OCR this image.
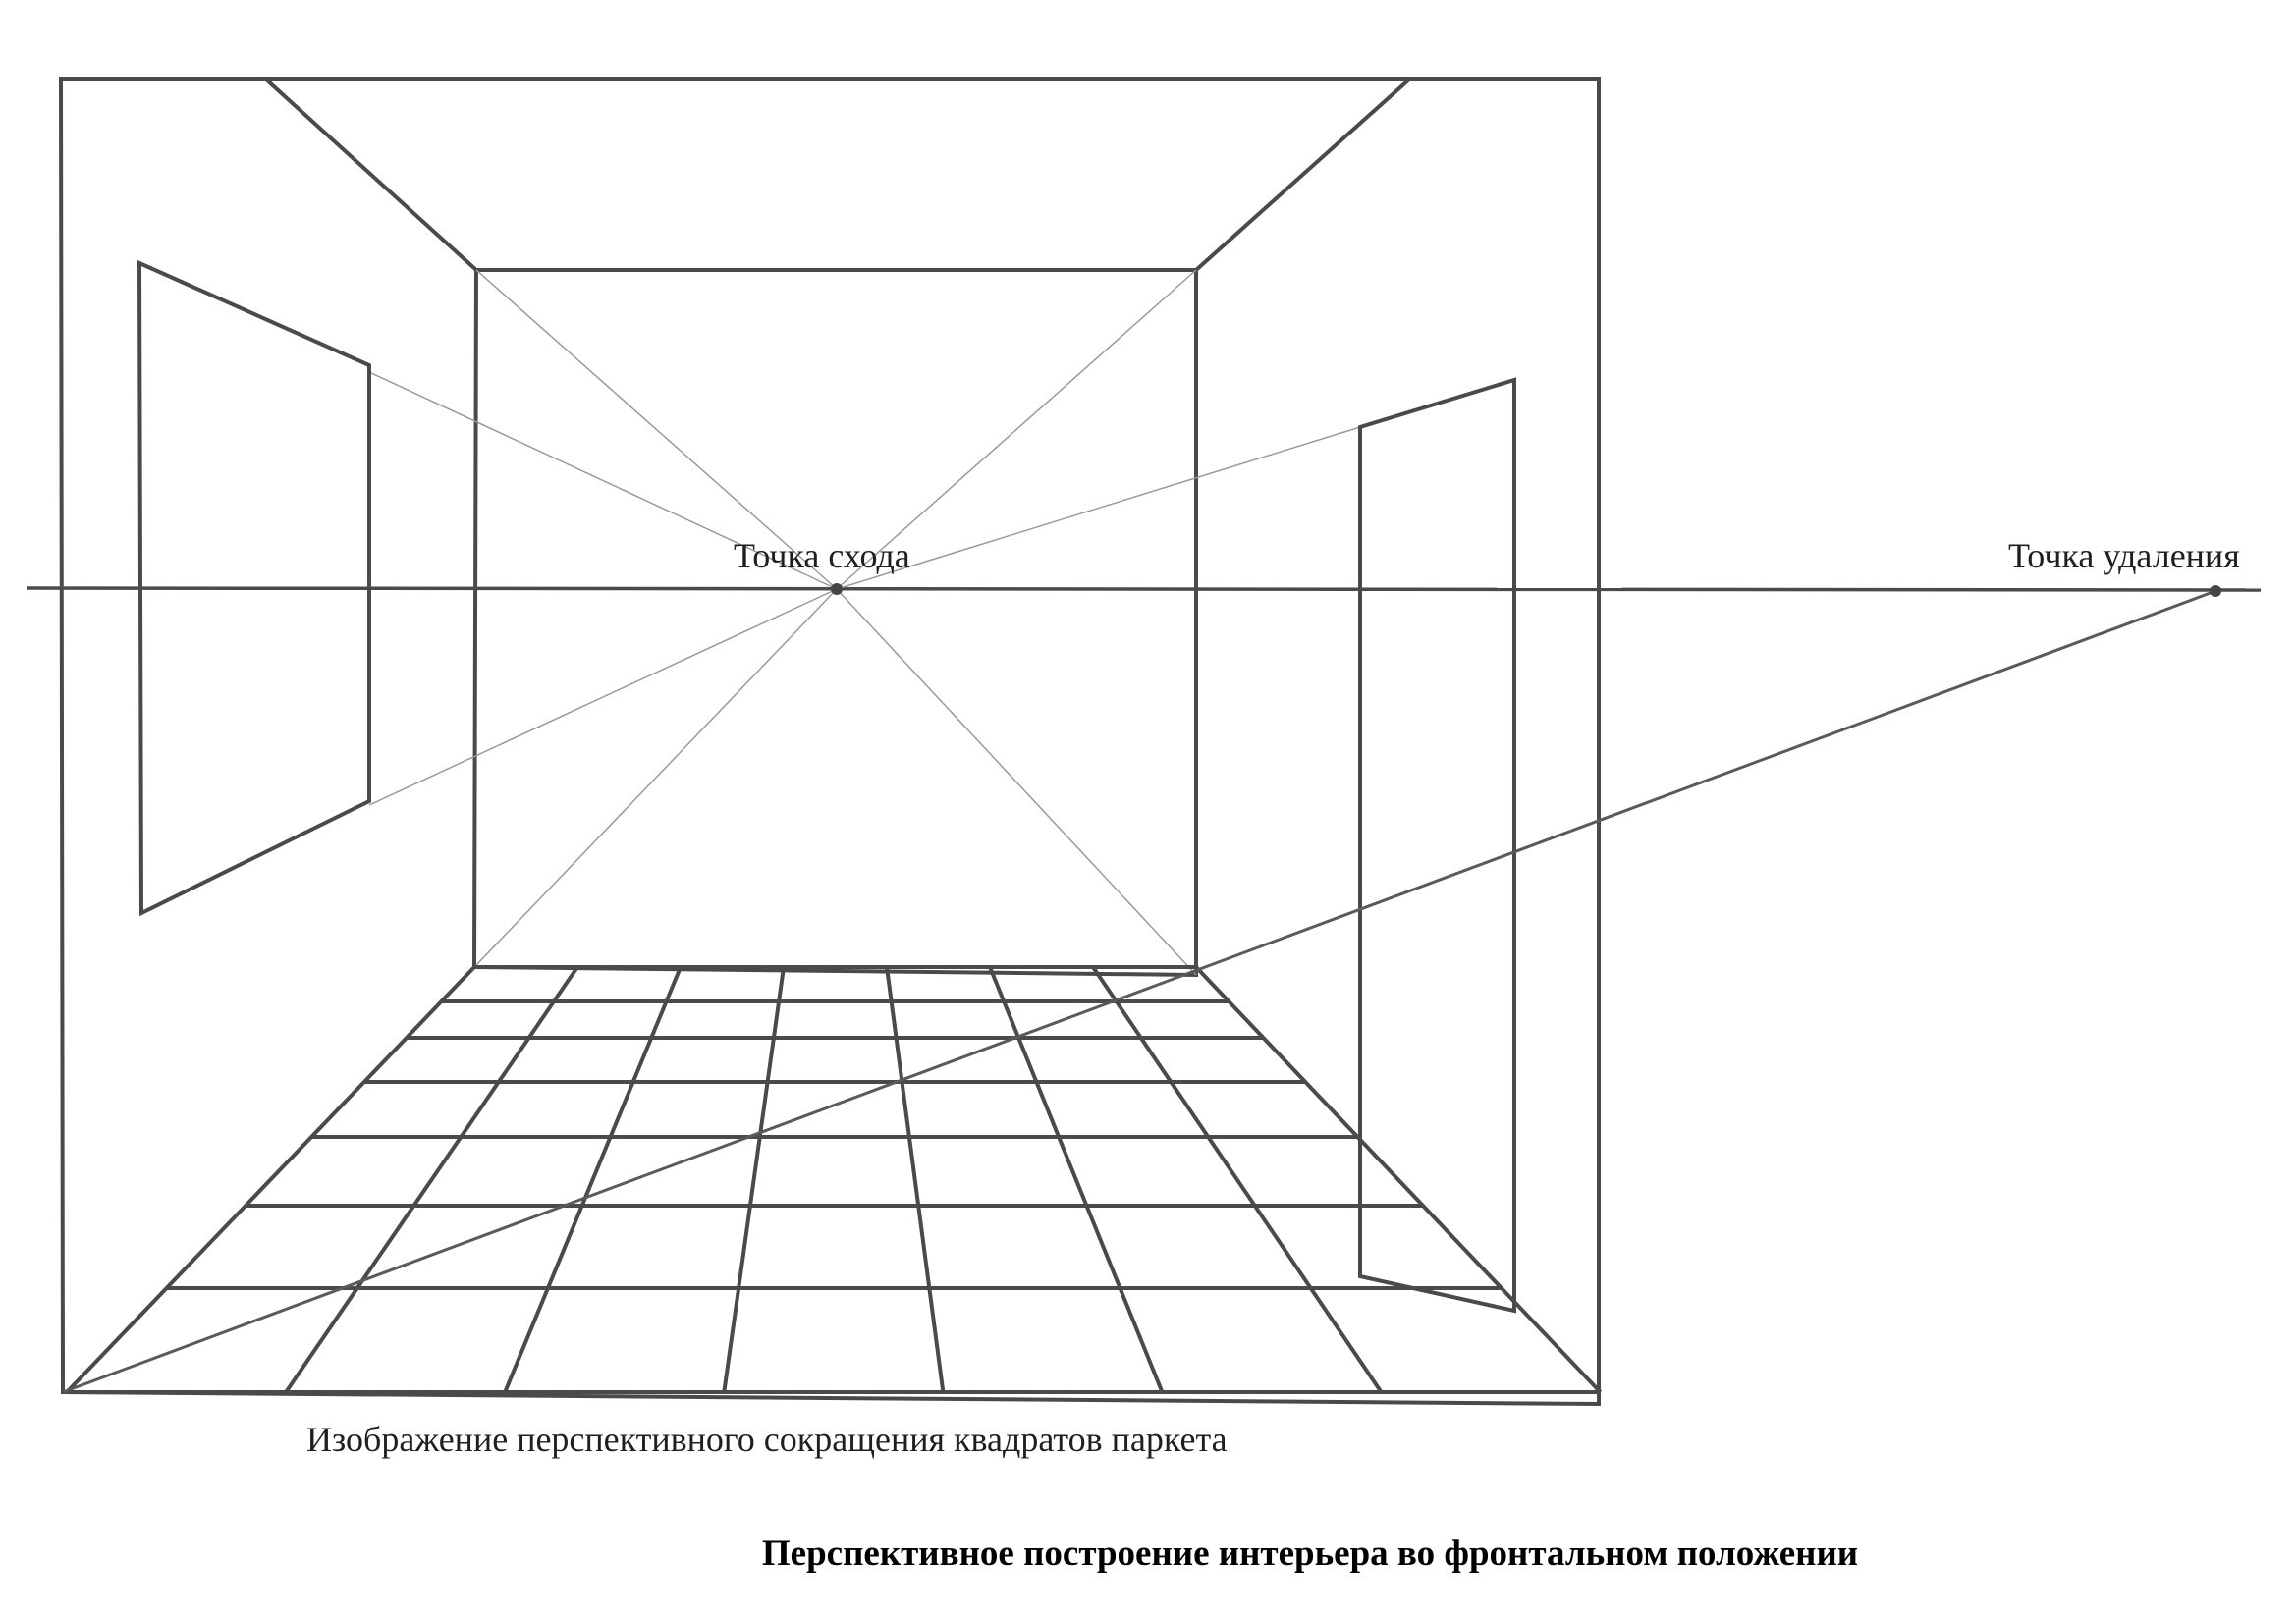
Точка схода	Точка удаления
Изображение перспективного сокращения квадратов паркета
Перспективное построение интерьера во фронтальном положении
